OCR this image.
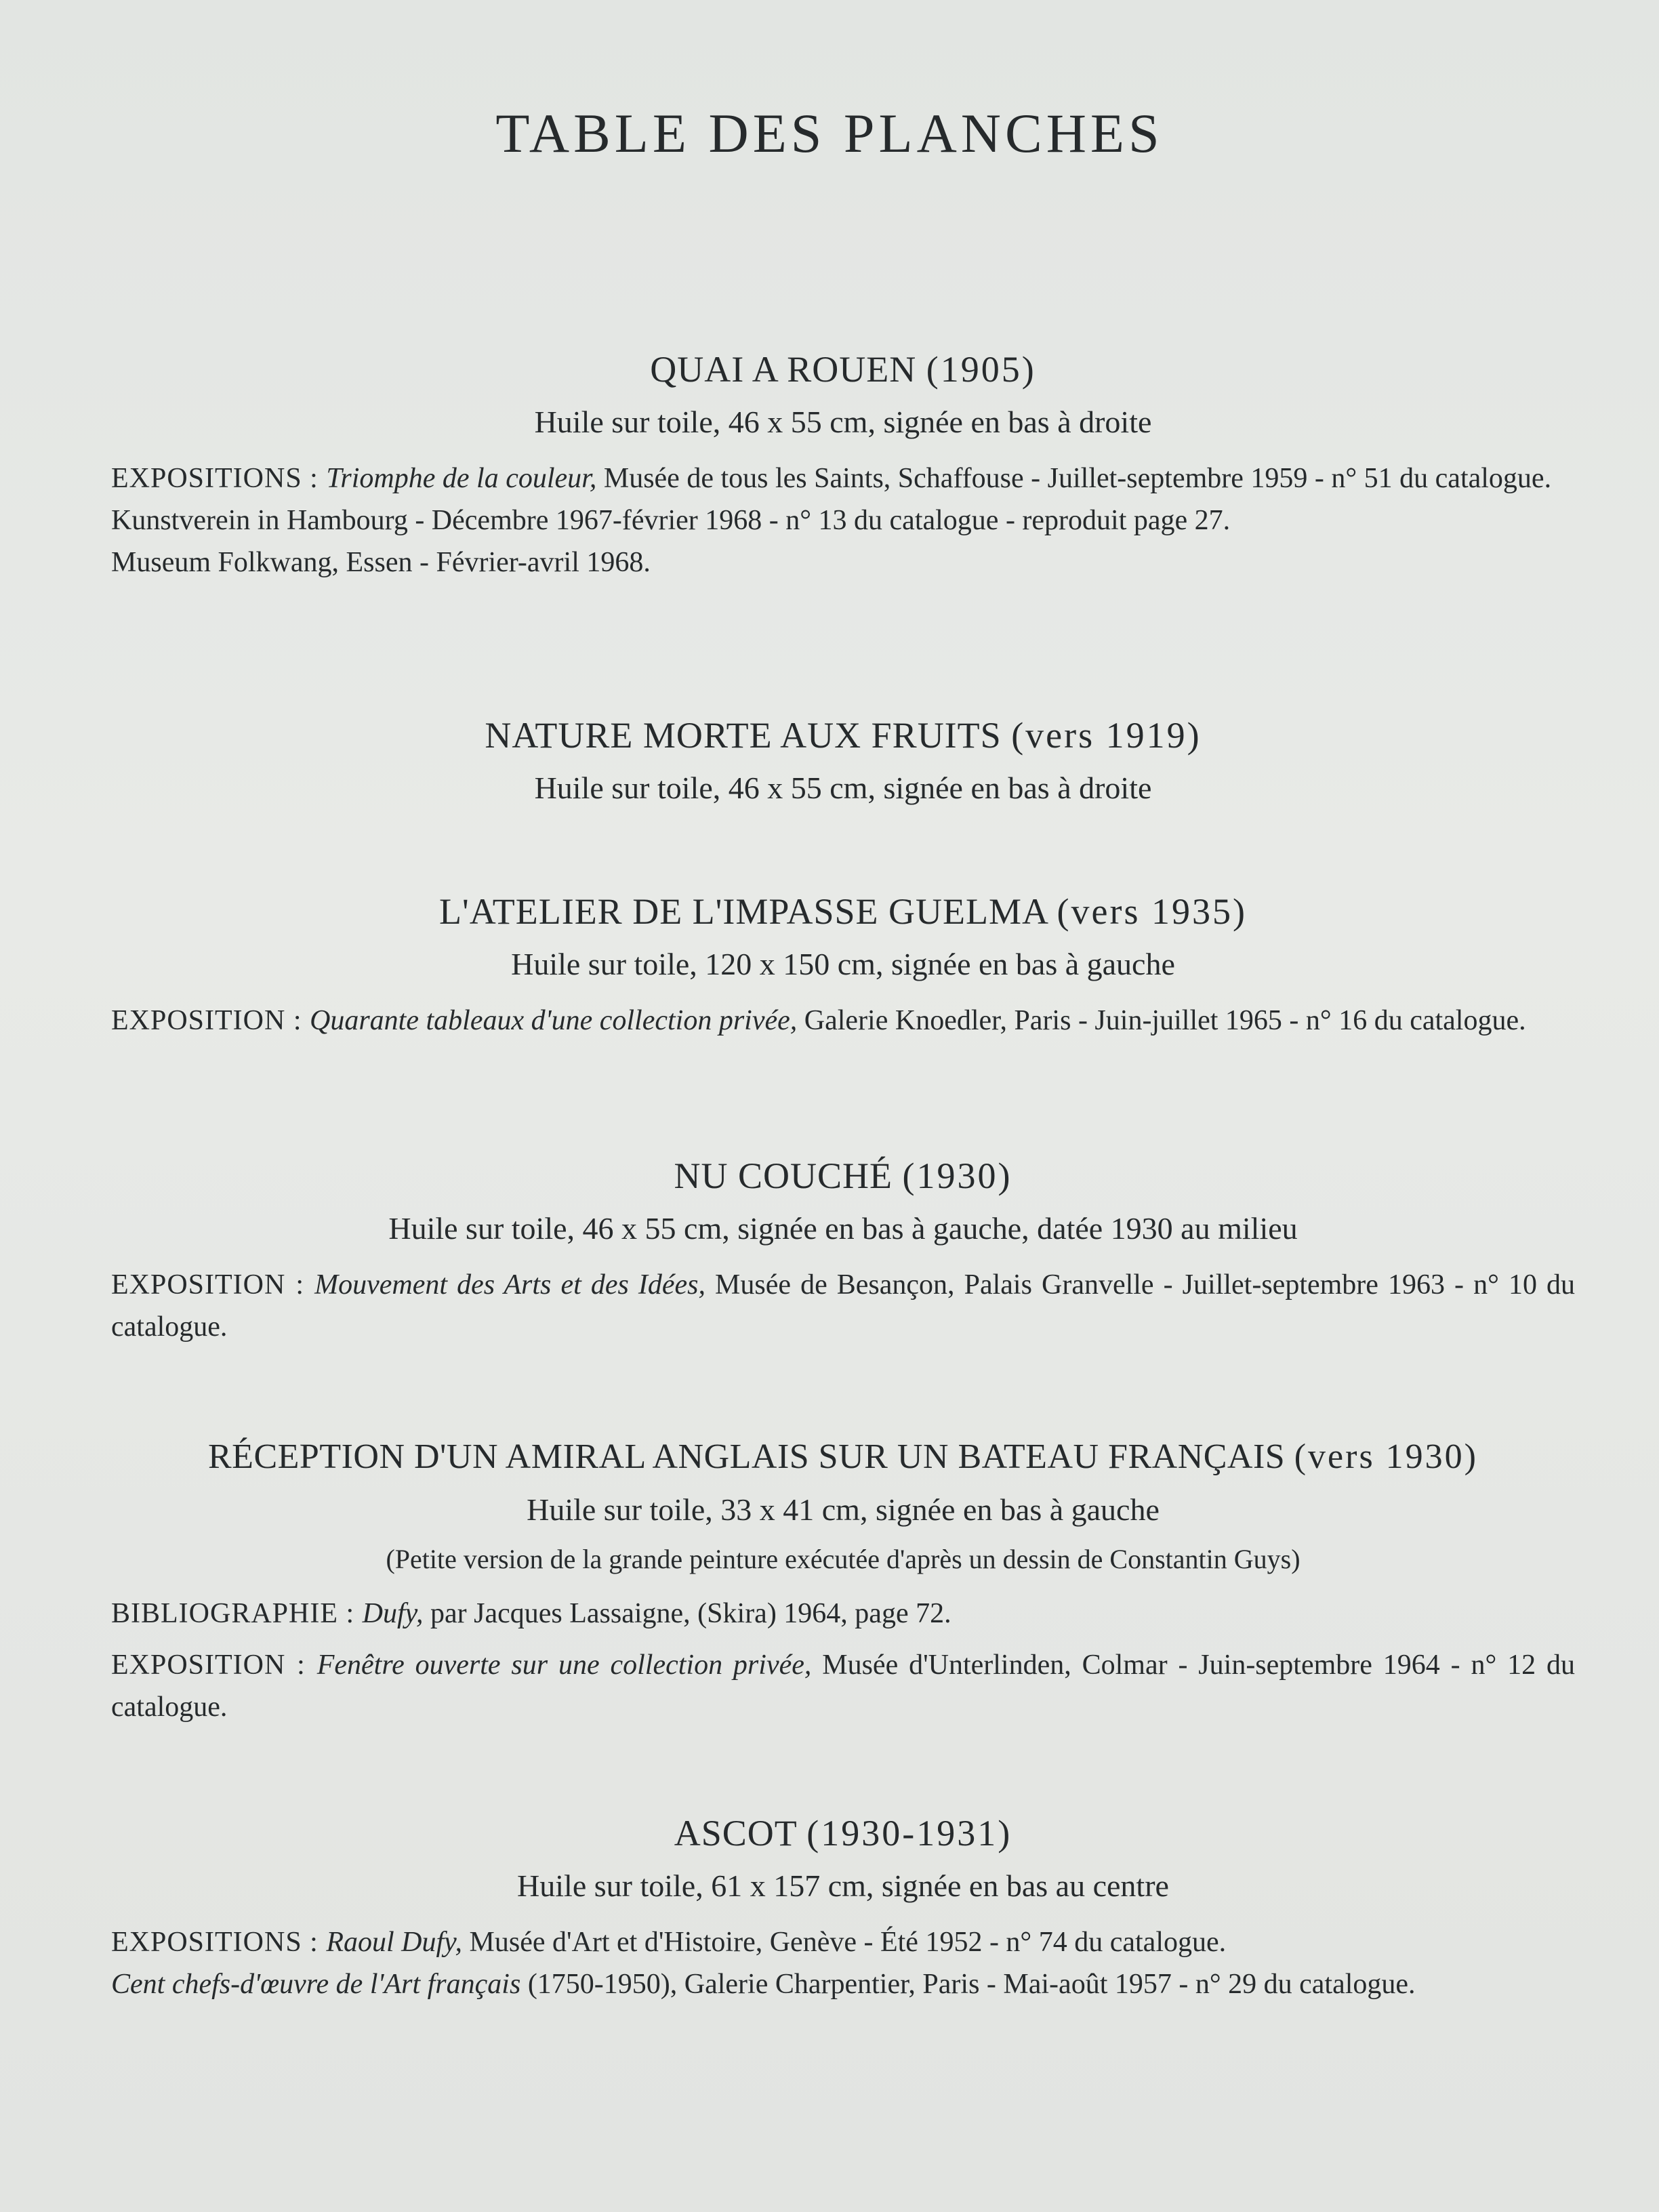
TABLE DES PLANCHES
QUAI A ROUEN (1905)
Huile sur toile, 46 x 55 cm, signée en bas à droite

EXPOSITIONS : Triomphe de la couleur, Musée de tous les Saints, Schaffouse - Juillet-septembre 1959 - n° 51 du catalogue.

Kunstverein in Hambourg - Décembre 1967-février 1968 - n° 13 du catalogue - reproduit page 27.

Museum Folkwang, Essen - Février-avril 1968.

NATURE MORTE AUX FRUITS (vers 1919)
Huile sur toile, 46 x 55 cm, signée en bas à droite
L'ATELIER DE L'IMPASSE GUELMA (vers 1935)
Huile sur toile, 120 x 150 cm, signée en bas à gauche

EXPOSITION : Quarante tableaux d'une collection privée, Galerie Knoedler, Paris - Juin-juillet 1965 - n° 16 du catalogue.

NU COUCHÉ (1930)
Huile sur toile, 46 x 55 cm, signée en bas à gauche, datée 1930 au milieu

EXPOSITION : Mouvement des Arts et des Idées, Musée de Besançon, Palais Granvelle - Juillet-septembre 1963 - n° 10 du catalogue.

RÉCEPTION D'UN AMIRAL ANGLAIS SUR UN BATEAU FRANÇAIS (vers 1930)
Huile sur toile, 33 x 41 cm, signée en bas à gauche
(Petite version de la grande peinture exécutée d'après un dessin de Constantin Guys)

BIBLIOGRAPHIE : Dufy, par Jacques Lassaigne, (Skira) 1964, page 72.

EXPOSITION : Fenêtre ouverte sur une collection privée, Musée d'Unterlinden, Colmar - Juin-septembre 1964 - n° 12 du catalogue.

ASCOT (1930-1931)
Huile sur toile, 61 x 157 cm, signée en bas au centre

EXPOSITIONS : Raoul Dufy, Musée d'Art et d'Histoire, Genève - Été 1952 - n° 74 du catalogue.

Cent chefs-d'œuvre de l'Art français (1750-1950), Galerie Charpentier, Paris - Mai-août 1957 - n° 29 du catalogue.
